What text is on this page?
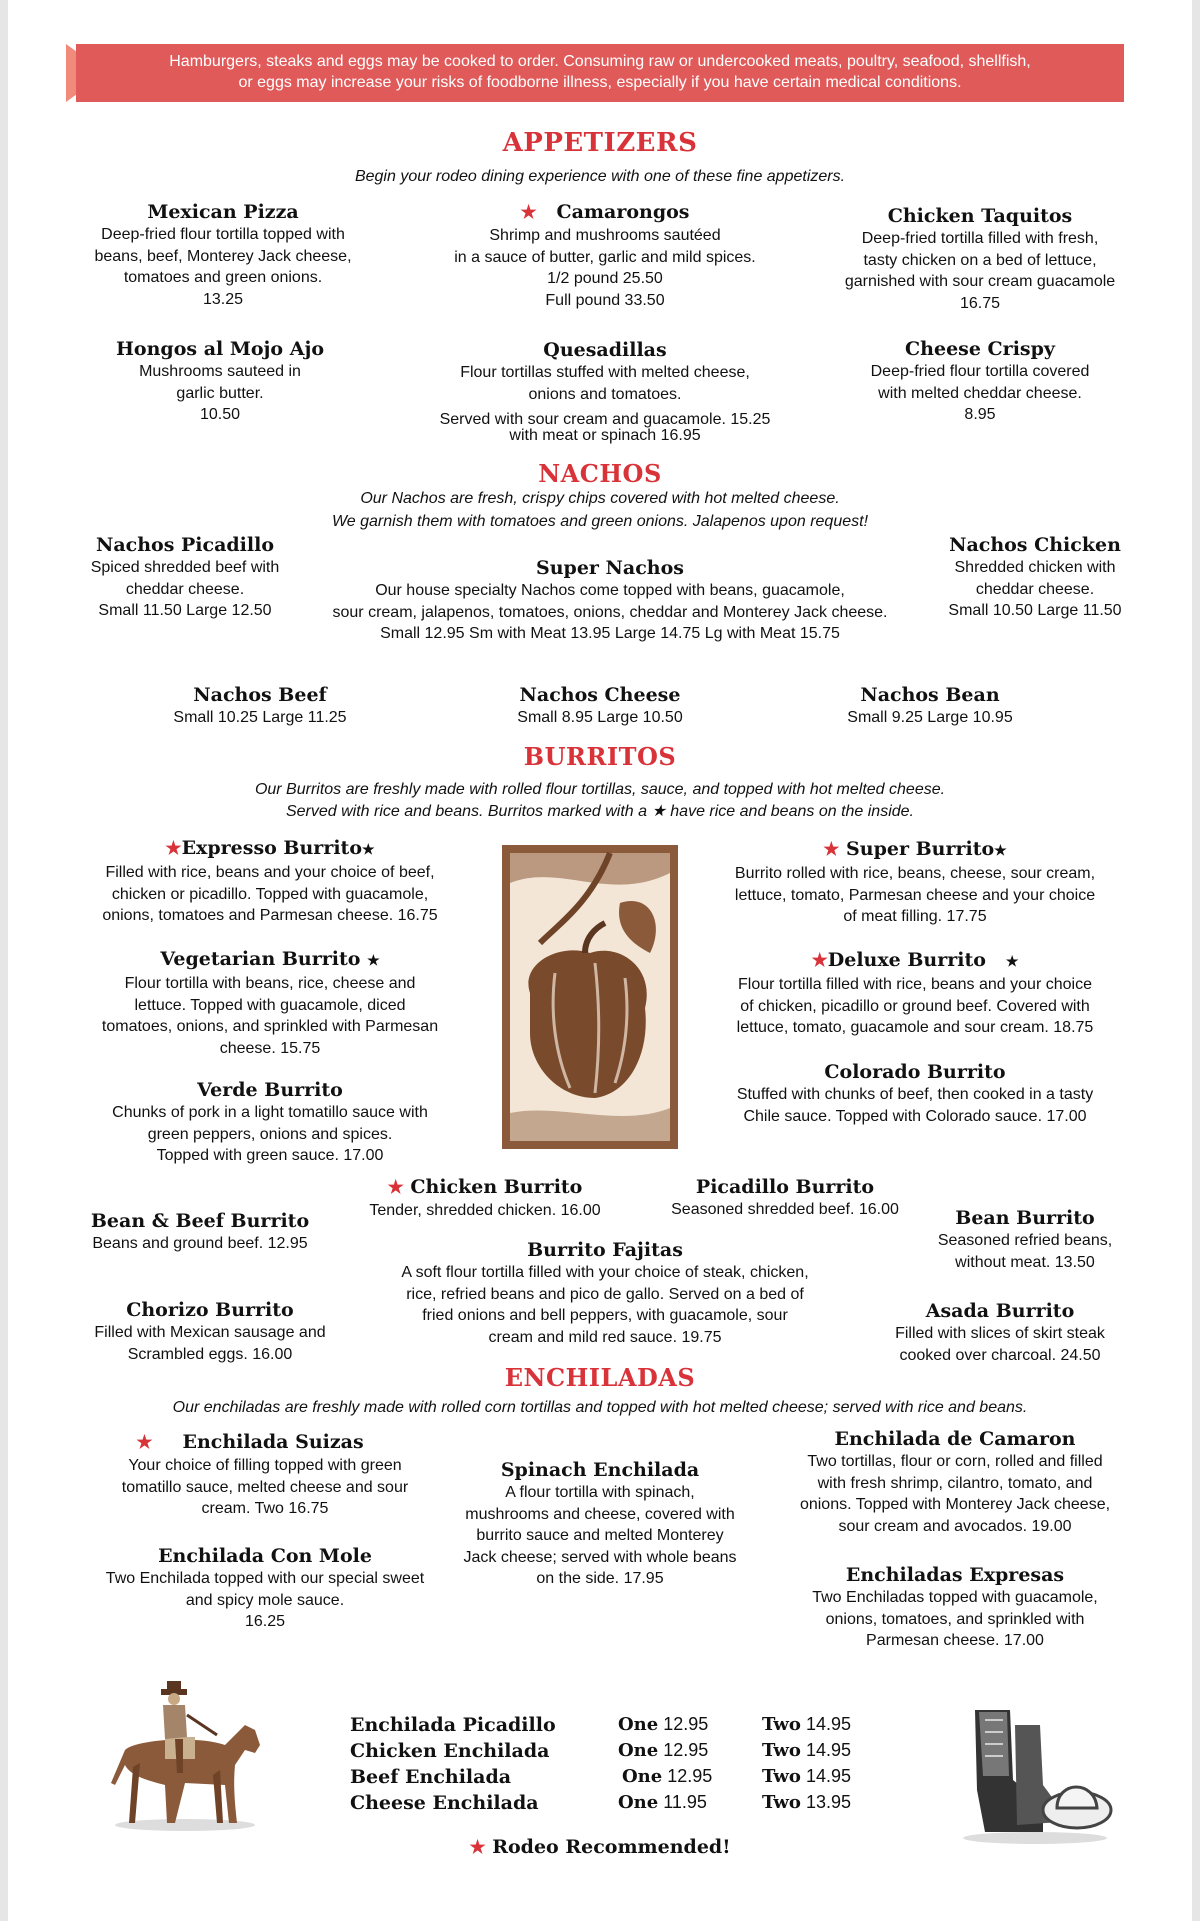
Hamburgers, steaks and eggs may be cooked to order. Consuming raw or undercooked meats, poultry, seafood, shellfish,
or eggs may increase your risks of foodborne illness, especially if you have certain medical conditions.
APPETIZERS
Begin your rodeo dining experience with one of these fine appetizers.
Mexican Pizza
Deep-fried flour tortilla topped with
beans, beef, Monterey Jack cheese,
tomatoes and green onions.
13.25
★ Camarongos
Shrimp and mushrooms sautéed
in a sauce of butter, garlic and mild spices.
1/2 pound 25.50
Full pound 33.50
Chicken Taquitos
Deep-fried tortilla filled with fresh,
tasty chicken on a bed of lettuce,
garnished with sour cream guacamole
16.75
Hongos al Mojo Ajo
Mushrooms sauteed in
garlic butter.
10.50
Quesadillas
Flour tortillas stuffed with melted cheese,
onions and tomatoes.
Served with sour cream and guacamole. 15.25
with meat or spinach 16.95
Cheese Crispy
Deep-fried flour tortilla covered
with melted cheddar cheese.
8.95
NACHOS
Our Nachos are fresh, crispy chips covered with hot melted cheese.
We garnish them with tomatoes and green onions. Jalapenos upon request!
Nachos Picadillo
Spiced shredded beef with
cheddar cheese.
Small 11.50 Large 12.50
Super Nachos
Our house specialty Nachos come topped with beans, guacamole,
sour cream, jalapenos, tomatoes, onions, cheddar and Monterey Jack cheese.
Small 12.95 Sm with Meat 13.95 Large 14.75 Lg with Meat 15.75
Nachos Chicken
Shredded chicken with
cheddar cheese.
Small 10.50 Large 11.50
Nachos Beef
Small 10.25 Large 11.25
Nachos Cheese
Small 8.95 Large 10.50
Nachos Bean
Small 9.25 Large 10.95
BURRITOS
Our Burritos are freshly made with rolled flour tortillas, sauce, and topped with hot melted cheese.
Served with rice and beans. Burritos marked with a ★ have rice and beans on the inside.
★Expresso Burrito★
Filled with rice, beans and your choice of beef,
chicken or picadillo. Topped with guacamole,
onions, tomatoes and Parmesan cheese. 16.75
★ Super Burrito★
Burrito rolled with rice, beans, cheese, sour cream,
lettuce, tomato, Parmesan cheese and your choice
of meat filling. 17.75
Vegetarian Burrito ★
Flour tortilla with beans, rice, cheese and
lettuce. Topped with guacamole, diced
tomatoes, onions, and sprinkled with Parmesan
cheese. 15.75
★Deluxe Burrito ★
Flour tortilla filled with rice, beans and your choice
of chicken, picadillo or ground beef. Covered with
lettuce, tomato, guacamole and sour cream. 18.75
Colorado Burrito
Stuffed with chunks of beef, then cooked in a tasty
Chile sauce. Topped with Colorado sauce. 17.00
Verde Burrito
Chunks of pork in a light tomatillo sauce with
green peppers, onions and spices.
Topped with green sauce. 17.00
★ Chicken Burrito
Tender, shredded chicken. 16.00
Picadillo Burrito
Seasoned shredded beef. 16.00
Bean & Beef Burrito
Beans and ground beef. 12.95
Bean Burrito
Seasoned refried beans,
without meat. 13.50
Burrito Fajitas
A soft flour tortilla filled with your choice of steak, chicken,
rice, refried beans and pico de gallo. Served on a bed of
fried onions and bell peppers, with guacamole, sour
cream and mild red sauce. 19.75
Chorizo Burrito
Filled with Mexican sausage and
Scrambled eggs. 16.00
Asada Burrito
Filled with slices of skirt steak
cooked over charcoal. 24.50
ENCHILADAS
Our enchiladas are freshly made with rolled corn tortillas and topped with hot melted cheese; served with rice and beans.
★ Enchilada Suizas
Your choice of filling topped with green
tomatillo sauce, melted cheese and sour
cream. Two 16.75
Spinach Enchilada
A flour tortilla with spinach,
mushrooms and cheese, covered with
burrito sauce and melted Monterey
Jack cheese; served with whole beans
on the side. 17.95
Enchilada de Camaron
Two tortillas, flour or corn, rolled and filled
with fresh shrimp, cilantro, tomato, and
onions. Topped with Monterey Jack cheese,
sour cream and avocados. 19.00
Enchilada Con Mole
Two Enchilada topped with our special sweet
and spicy mole sauce.
16.25
Enchiladas Expresas
Two Enchiladas topped with guacamole,
onions, tomatoes, and sprinkled with
Parmesan cheese. 17.00
Enchilada Picadillo	One 12.95	Two 14.95
Chicken Enchilada	One 12.95	Two 14.95
Beef Enchilada	One 12.95	Two 14.95
Cheese Enchilada	One 11.95	Two 13.95
★ Rodeo Recommended!
